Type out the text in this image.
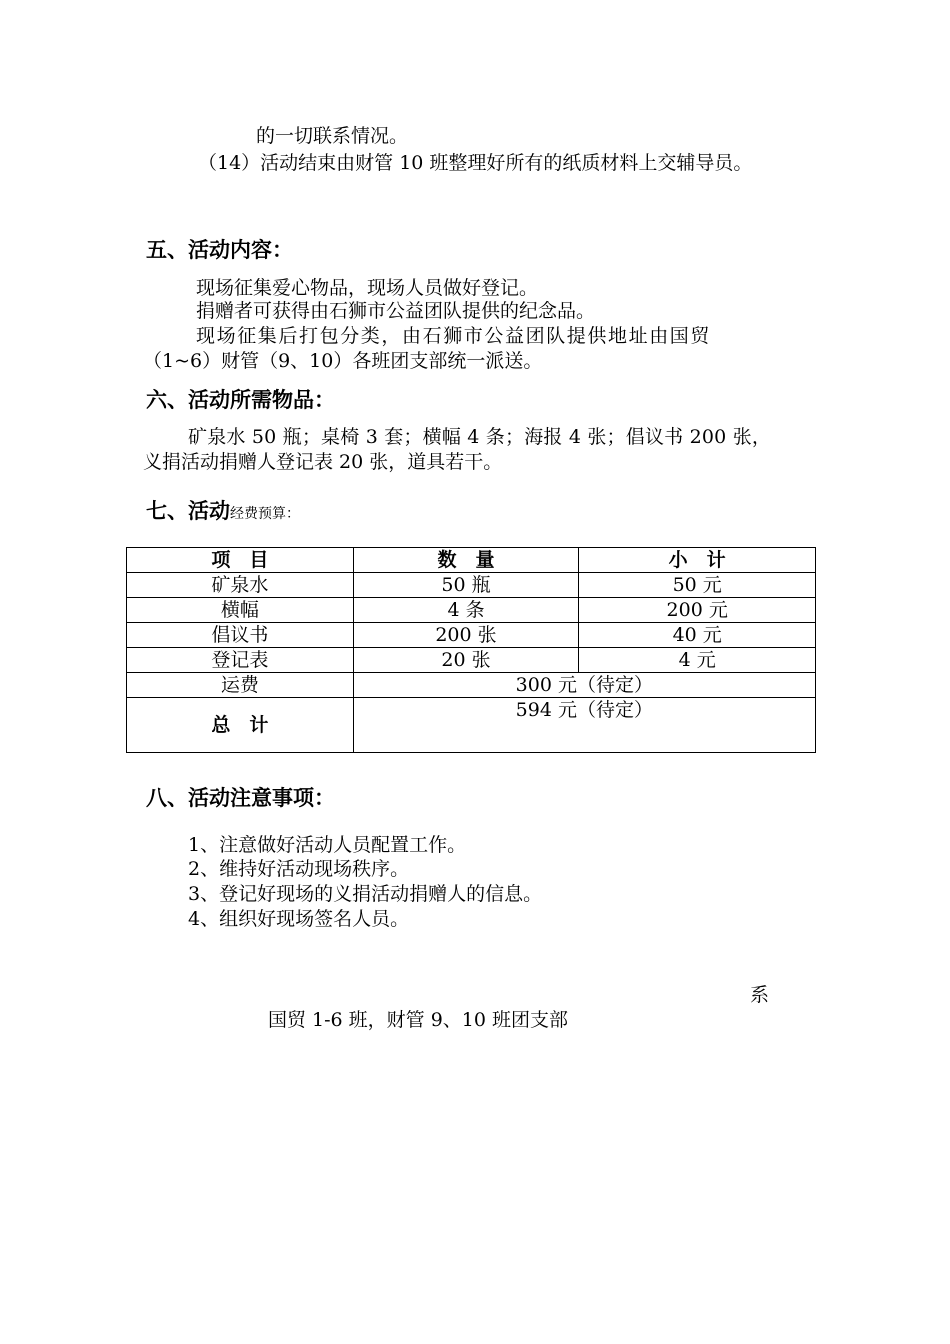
的一切联系情况。
（14）活动结束由财管 10 班整理好所有的纸质材料上交辅导员。
五、活动内容：
现场征集爱心物品，现场人员做好登记。
捐赠者可获得由石狮市公益团队提供的纪念品。
现场征集后打包分类，由石狮市公益团队提供地址由国贸
（1~6）财管（9、10）各班团支部统一派送。
六、活动所需物品：
矿泉水 50 瓶；桌椅 3 套；横幅 4 条；海报 4 张；倡议书 200 张，
义捐活动捐赠人登记表 20 张，道具若干。
七、活动经费预算：
项　目	数　量	小　计
矿泉水	50 瓶	50 元
横幅	4 条	200 元
倡议书	200 张	40 元
登记表	20 张	4 元
运费	300 元（待定）	
总　计	594 元（待定）	
八、活动注意事项：
1、注意做好活动人员配置工作。
2、维持好活动现场秩序。
3、登记好现场的义捐活动捐赠人的信息。
4、组织好现场签名人员。
系
国贸 1-6 班，财管 9、10 班团支部
